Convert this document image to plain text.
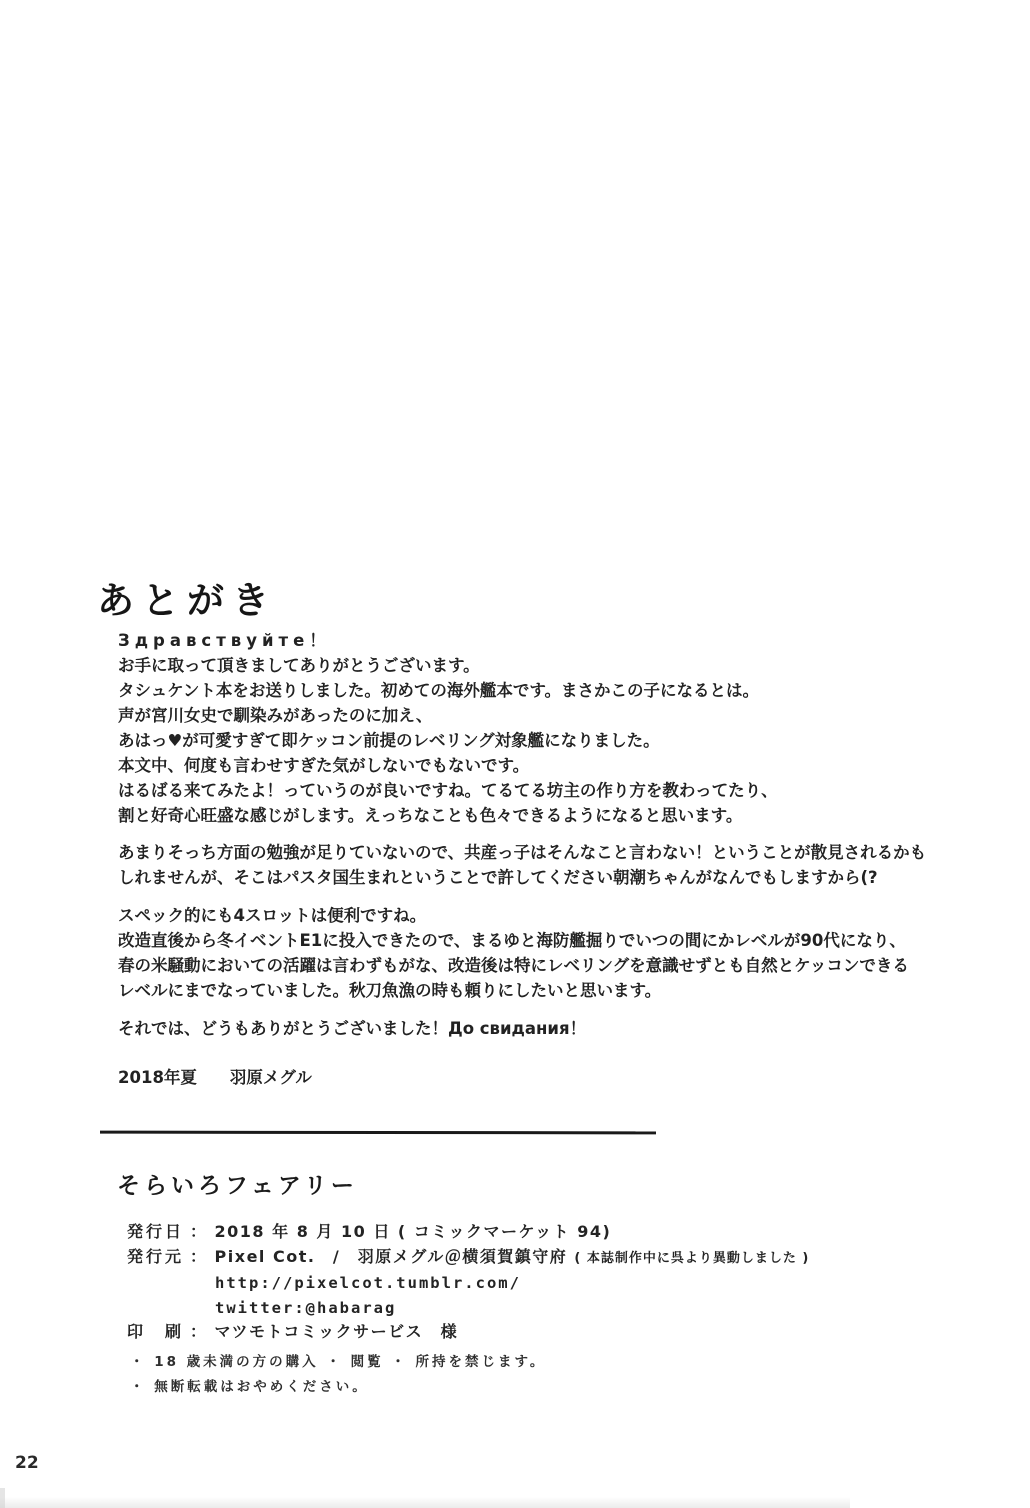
あとがき
Здравствуйте！
お手に取って頂きましてありがとうございます。
タシュケント本をお送りしました。初めての海外艦本です。まさかこの子になるとは。
声が宮川女史で馴染みがあったのに加え、
あはっ♥が可愛すぎて即ケッコン前提のレベリング対象艦になりました。
本文中、何度も言わせすぎた気がしないでもないです。
はるばる来てみたよ！っていうのが良いですね。てるてる坊主の作り方を教わってたり、
割と好奇心旺盛な感じがします。えっちなことも色々できるようになると思います。
あまりそっち方面の勉強が足りていないので、共産っ子はそんなこと言わない！ということが散見されるかも
しれませんが、そこはパスタ国生まれということで許してください朝潮ちゃんがなんでもしますから(?
スペック的にも4スロットは便利ですね。
改造直後から冬イベントE1に投入できたので、まるゆと海防艦掘りでいつの間にかレベルが90代になり、
春の米騒動においての活躍は言わずもがな、改造後は特にレベリングを意識せずとも自然とケッコンできる
レベルにまでなっていました。秋刀魚漁の時も頼りにしたいと思います。
それでは、どうもありがとうございました！До свидания！
2018年夏　　羽原メグル
そらいろフェアリー
発行日 ： 2018 年 8 月 10 日 ( コミックマーケット 94)
発行元 ： Pixel Cot.　/　羽原メグル＠横須賀鎮守府 ( 本誌制作中に呉より異動しました )
http://pixelcot.tumblr.com/
twitter:@habarag
印　刷 ： マツモトコミックサービス　様
・ 18 歳未満の方の購入 ・ 閲覧 ・ 所持を禁じます。
・ 無断転載はおやめください。
22
